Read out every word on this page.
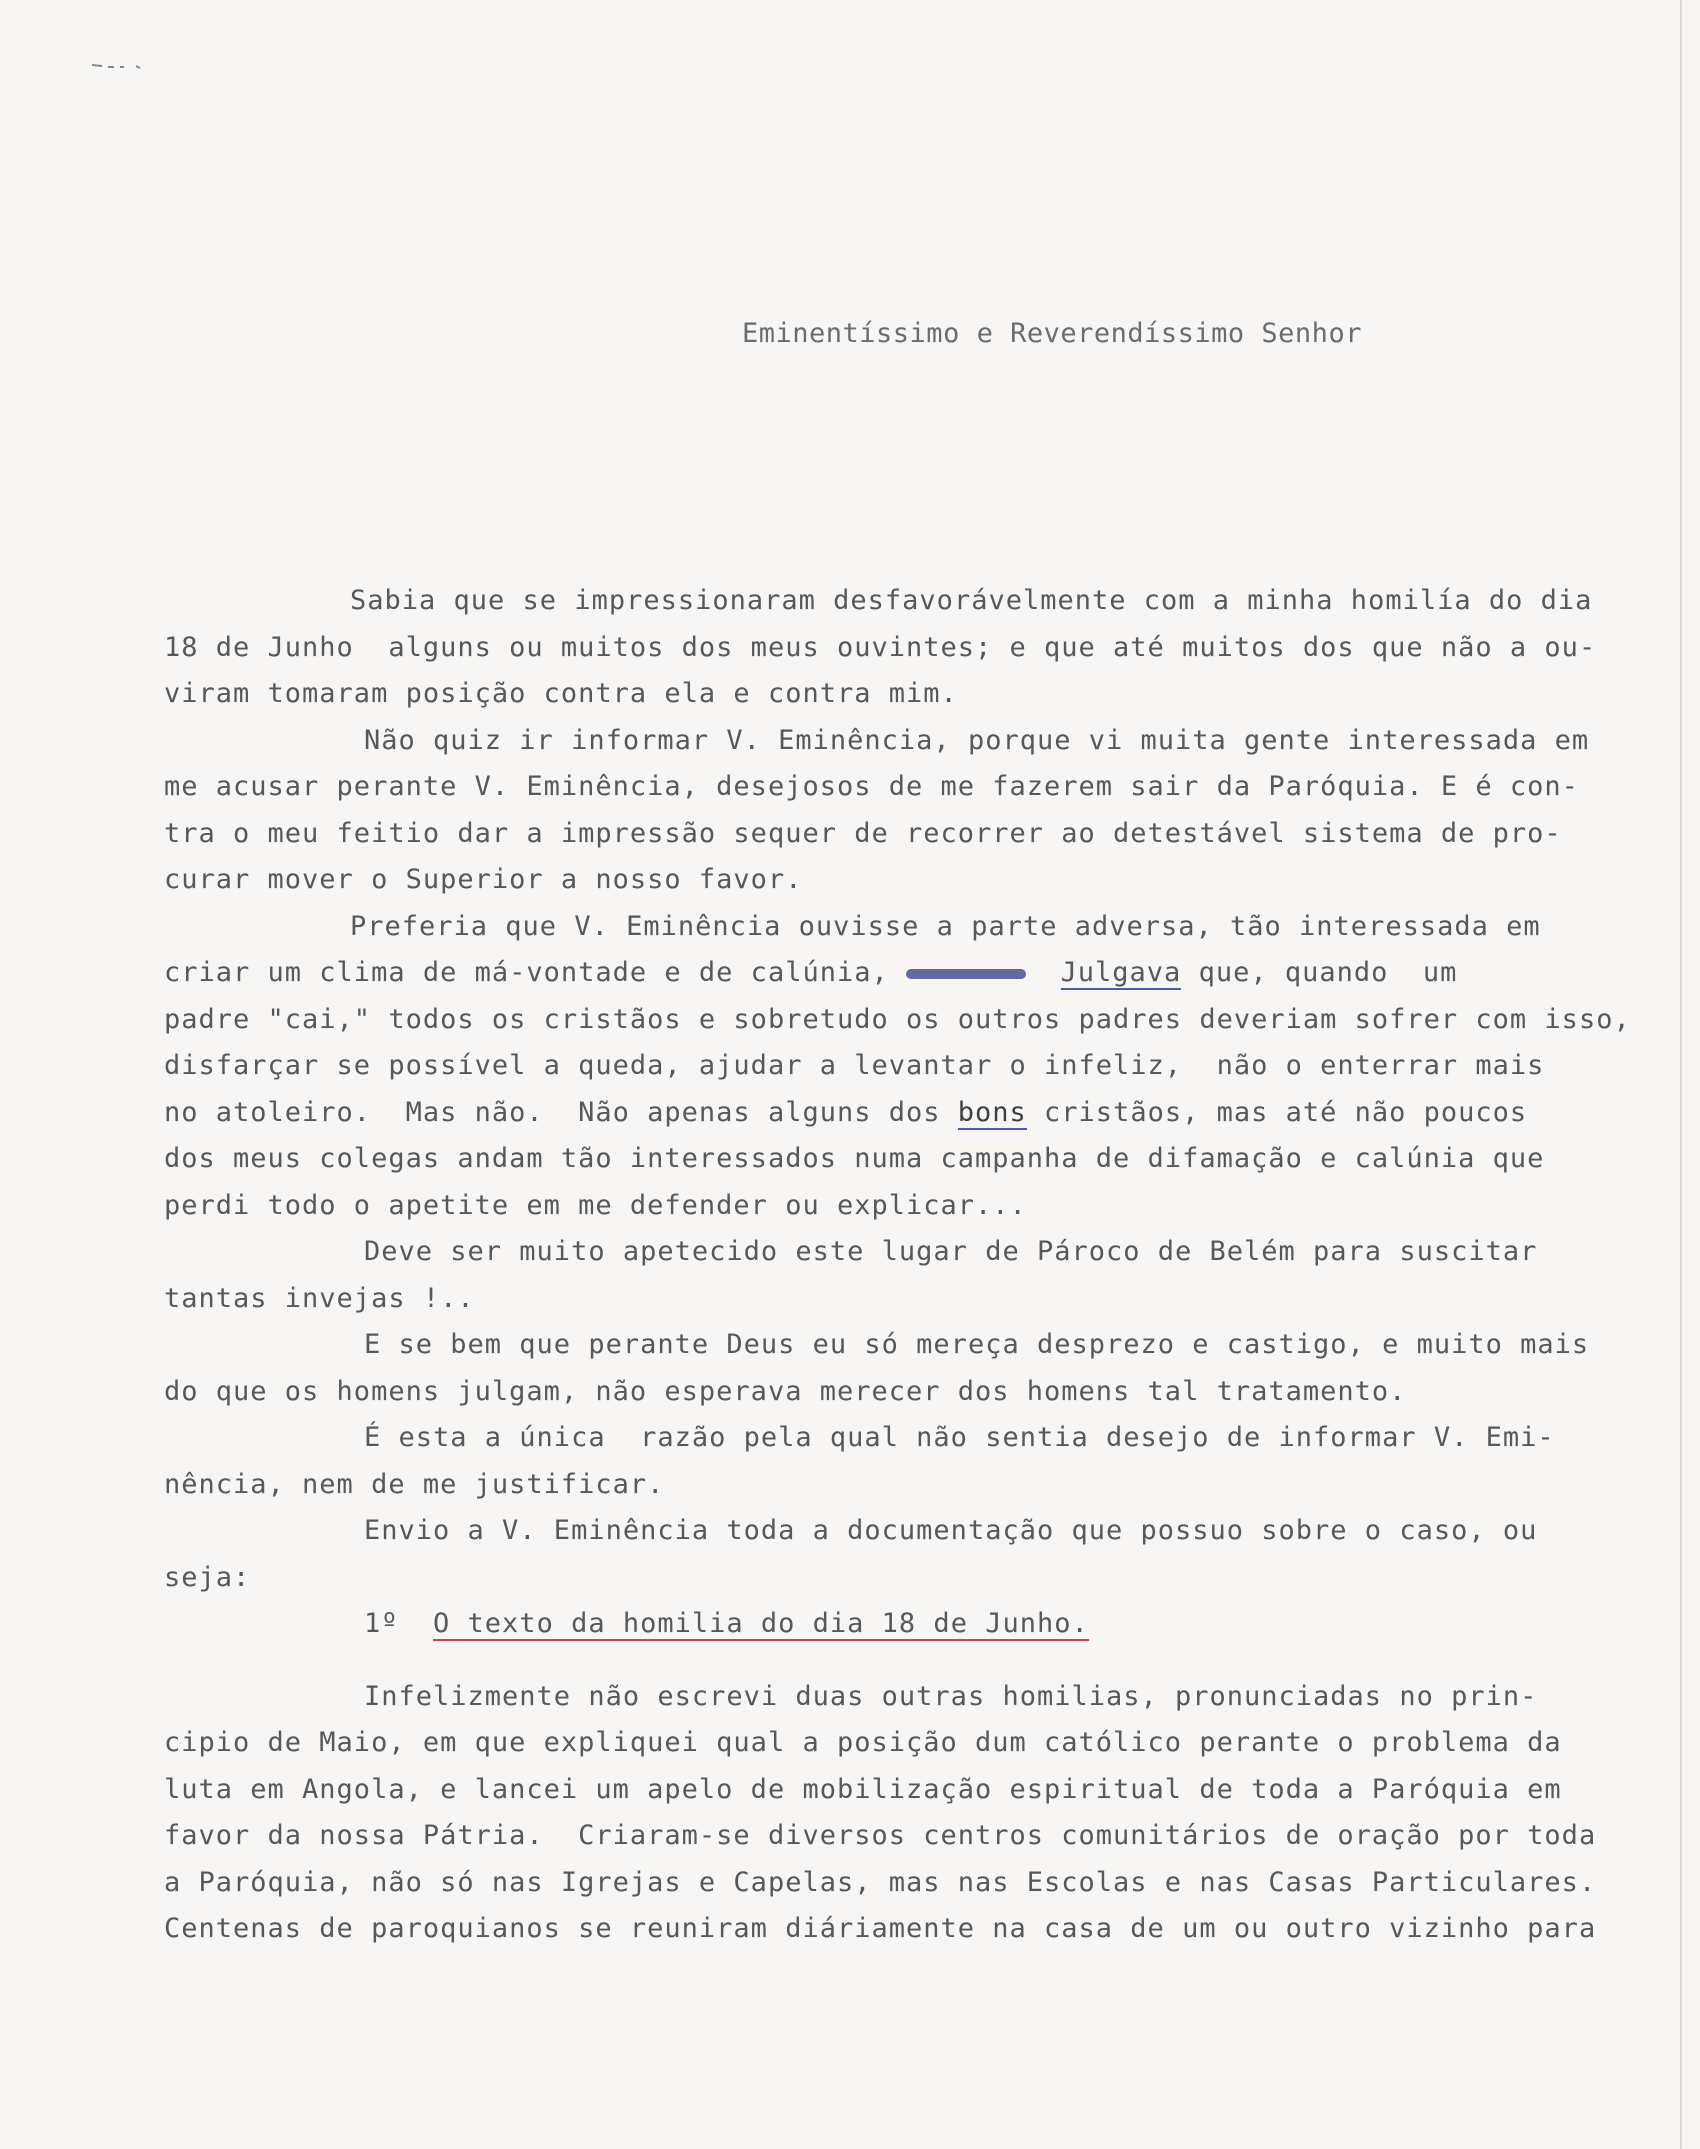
Eminentíssimo e Reverendíssimo Senhor
Sabia que se impressionaram desfavorávelmente com a minha homilía do dia
18 de Junho  alguns ou muitos dos meus ouvintes; e que até muitos dos que não a ou-
viram tomaram posição contra ela e contra mim.
Não quiz ir informar V. Eminência, porque vi muita gente interessada em
me acusar perante V. Eminência, desejosos de me fazerem sair da Paróquia. E é con-
tra o meu feitio dar a impressão sequer de recorrer ao detestável sistema de pro-
curar mover o Superior a nosso favor.
Preferia que V. Eminência ouvisse a parte adversa, tão interessada em
criar um clima de má-vontade e de calúnia,	Julgava que, quando  um
padre "cai," todos os cristãos e sobretudo os outros padres deveriam sofrer com isso,
disfarçar se possível a queda, ajudar a levantar o infeliz,  não o enterrar mais
no atoleiro.  Mas não.  Não apenas alguns dos bons cristãos, mas até não poucos
dos meus colegas andam tão interessados numa campanha de difamação e calúnia que
perdi todo o apetite em me defender ou explicar...
Deve ser muito apetecido este lugar de Pároco de Belém para suscitar
tantas invejas !..
E se bem que perante Deus eu só mereça desprezo e castigo, e muito mais
do que os homens julgam, não esperava merecer dos homens tal tratamento.
É esta a única  razão pela qual não sentia desejo de informar V. Emi-
nência, nem de me justificar.
Envio a V. Eminência toda a documentação que possuo sobre o caso, ou
seja:
1º O texto da homilia do dia 18 de Junho.
Infelizmente não escrevi duas outras homilias, pronunciadas no prin-
cipio de Maio, em que expliquei qual a posição dum católico perante o problema da
luta em Angola, e lancei um apelo de mobilização espiritual de toda a Paróquia em
favor da nossa Pátria.  Criaram-se diversos centros comunitários de oração por toda
a Paróquia, não só nas Igrejas e Capelas, mas nas Escolas e nas Casas Particulares.
Centenas de paroquianos se reuniram diáriamente na casa de um ou outro vizinho para
